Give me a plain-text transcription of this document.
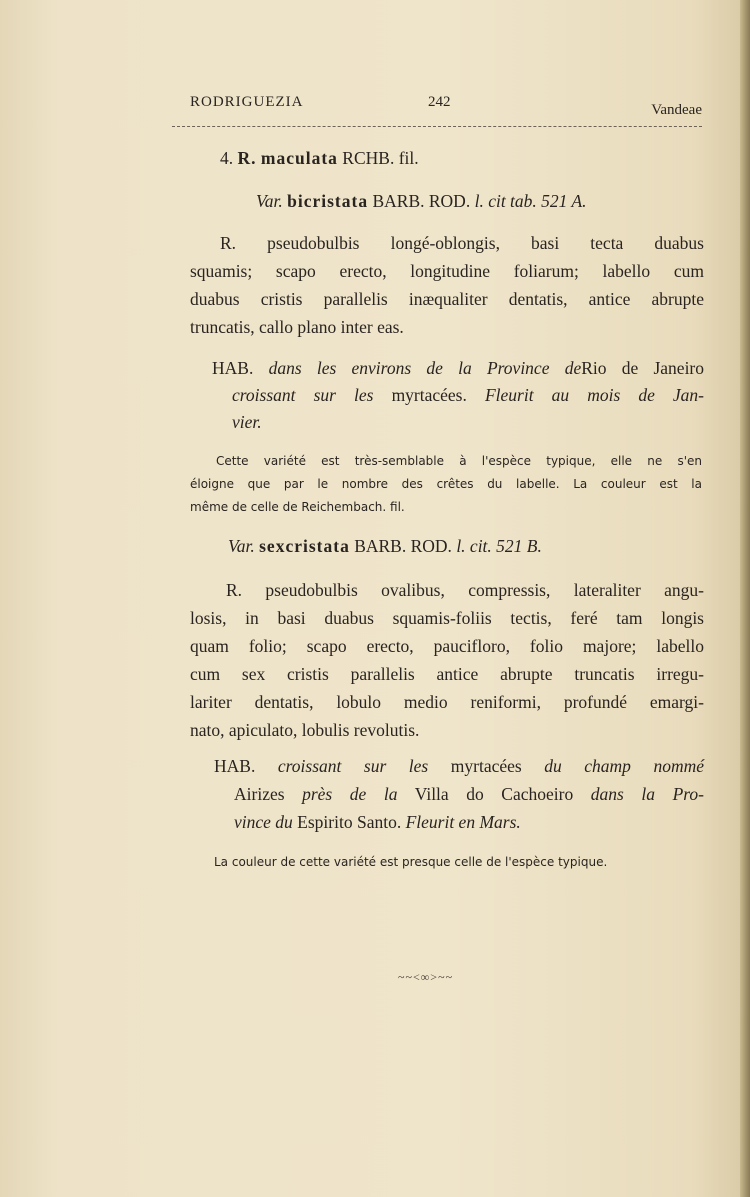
RODRIGUEZIA	242	Vandeae
4. R. maculata RCHB. fil.
Var. bicristata BARB. ROD. l. cit tab. 521 A.
R. pseudobulbis longé-oblongis, basi tecta duabus
squamis; scapo erecto, longitudine foliarum; labello cum
duabus cristis parallelis inæqualiter dentatis, antice abrupte
truncatis, callo plano inter eas.
HAB. dans les environs de la Province deRio de Janeiro
croissant sur les myrtacées. Fleurit au mois de Jan-
vier.
Cette variété est très-semblable à l'espèce typique, elle ne s'en
éloigne que par le nombre des crêtes du labelle. La couleur est la
même de celle de Reichembach. fil.
Var. sexcristata BARB. ROD. l. cit. 521 B.
R. pseudobulbis ovalibus, compressis, lateraliter angu-
losis, in basi duabus squamis-foliis tectis, feré tam longis
quam folio; scapo erecto, paucifloro, folio majore; labello
cum sex cristis parallelis antice abrupte truncatis irregu-
lariter dentatis, lobulo medio reniformi, profundé emargi-
nato, apiculato, lobulis revolutis.
HAB. croissant sur les myrtacées du champ nommé
Airizes près de la Villa do Cachoeiro dans la Pro-
vince du Espirito Santo. Fleurit en Mars.
La couleur de cette variété est presque celle de l'espèce typique.
~~<∞>~~
